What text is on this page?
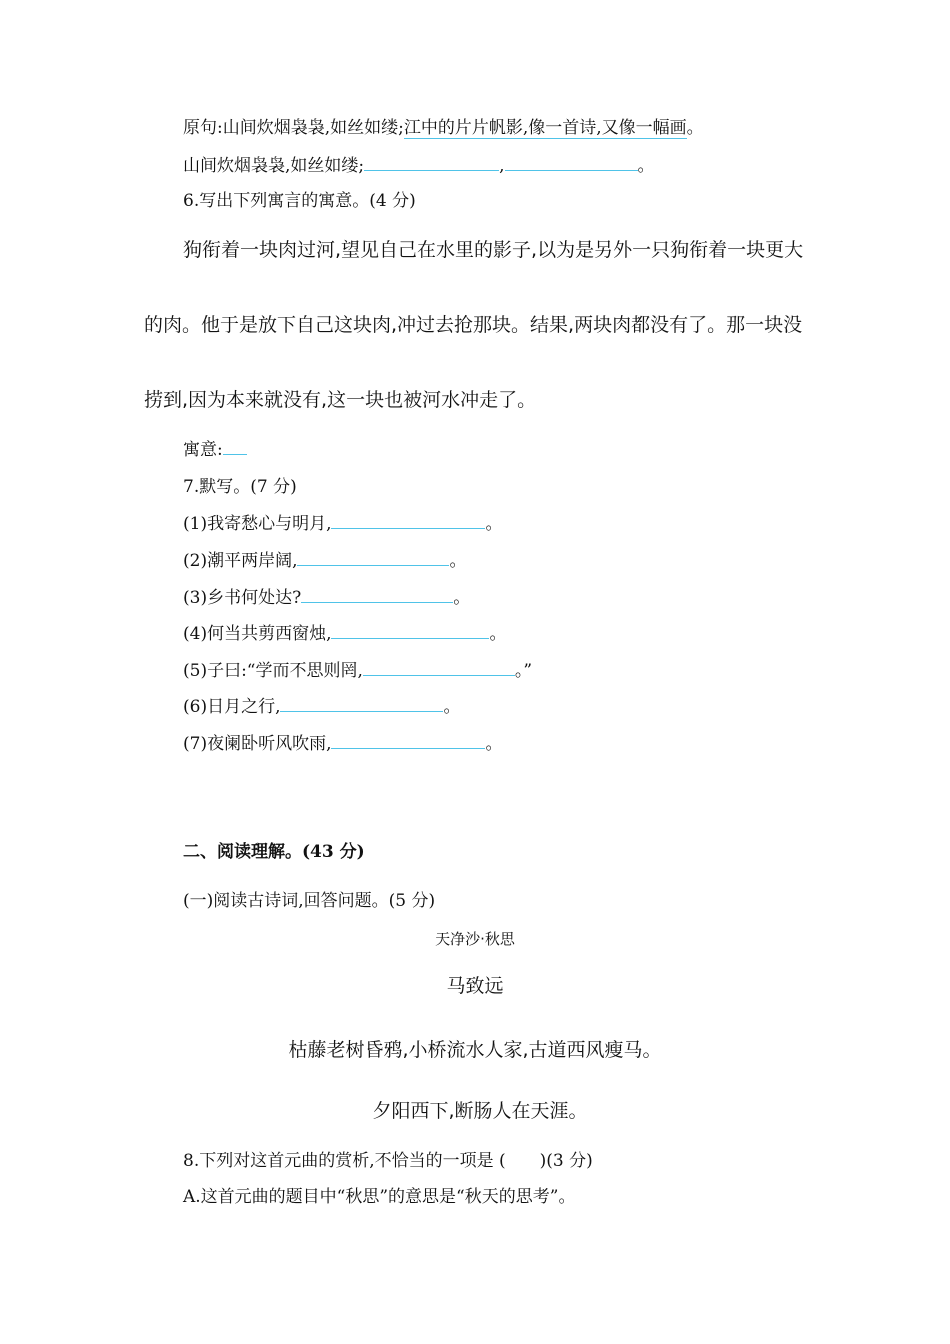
原句:山间炊烟袅袅,如丝如缕;江中的片片帆影,像一首诗,又像一幅画。
山间炊烟袅袅,如丝如缕;	,	。
6.写出下列寓言的寓意。(4 分)
狗衔着一块肉过河,望见自己在水里的影子,以为是另外一只狗衔着一块更大
的肉。他于是放下自己这块肉,冲过去抢那块。结果,两块肉都没有了。那一块没
捞到,因为本来就没有,这一块也被河水冲走了。
寓意:
7.默写。(7 分)
(1)我寄愁心与明月,	。
(2)潮平两岸阔,	。
(3)乡书何处达?	。
(4)何当共剪西窗烛,	。
(5)子曰:“学而不思则罔,	。”
(6)日月之行,	。
(7)夜阑卧听风吹雨,	。
二、阅读理解。(43 分)
(一)阅读古诗词,回答问题。(5 分)
天净沙·秋思
马致远
枯藤老树昏鸦,小桥流水人家,古道西风瘦马。
夕阳西下,断肠人在天涯。
8.下列对这首元曲的赏析,不恰当的一项是 (　　)(3 分)
A.这首元曲的题目中“秋思”的意思是“秋天的思考”。
